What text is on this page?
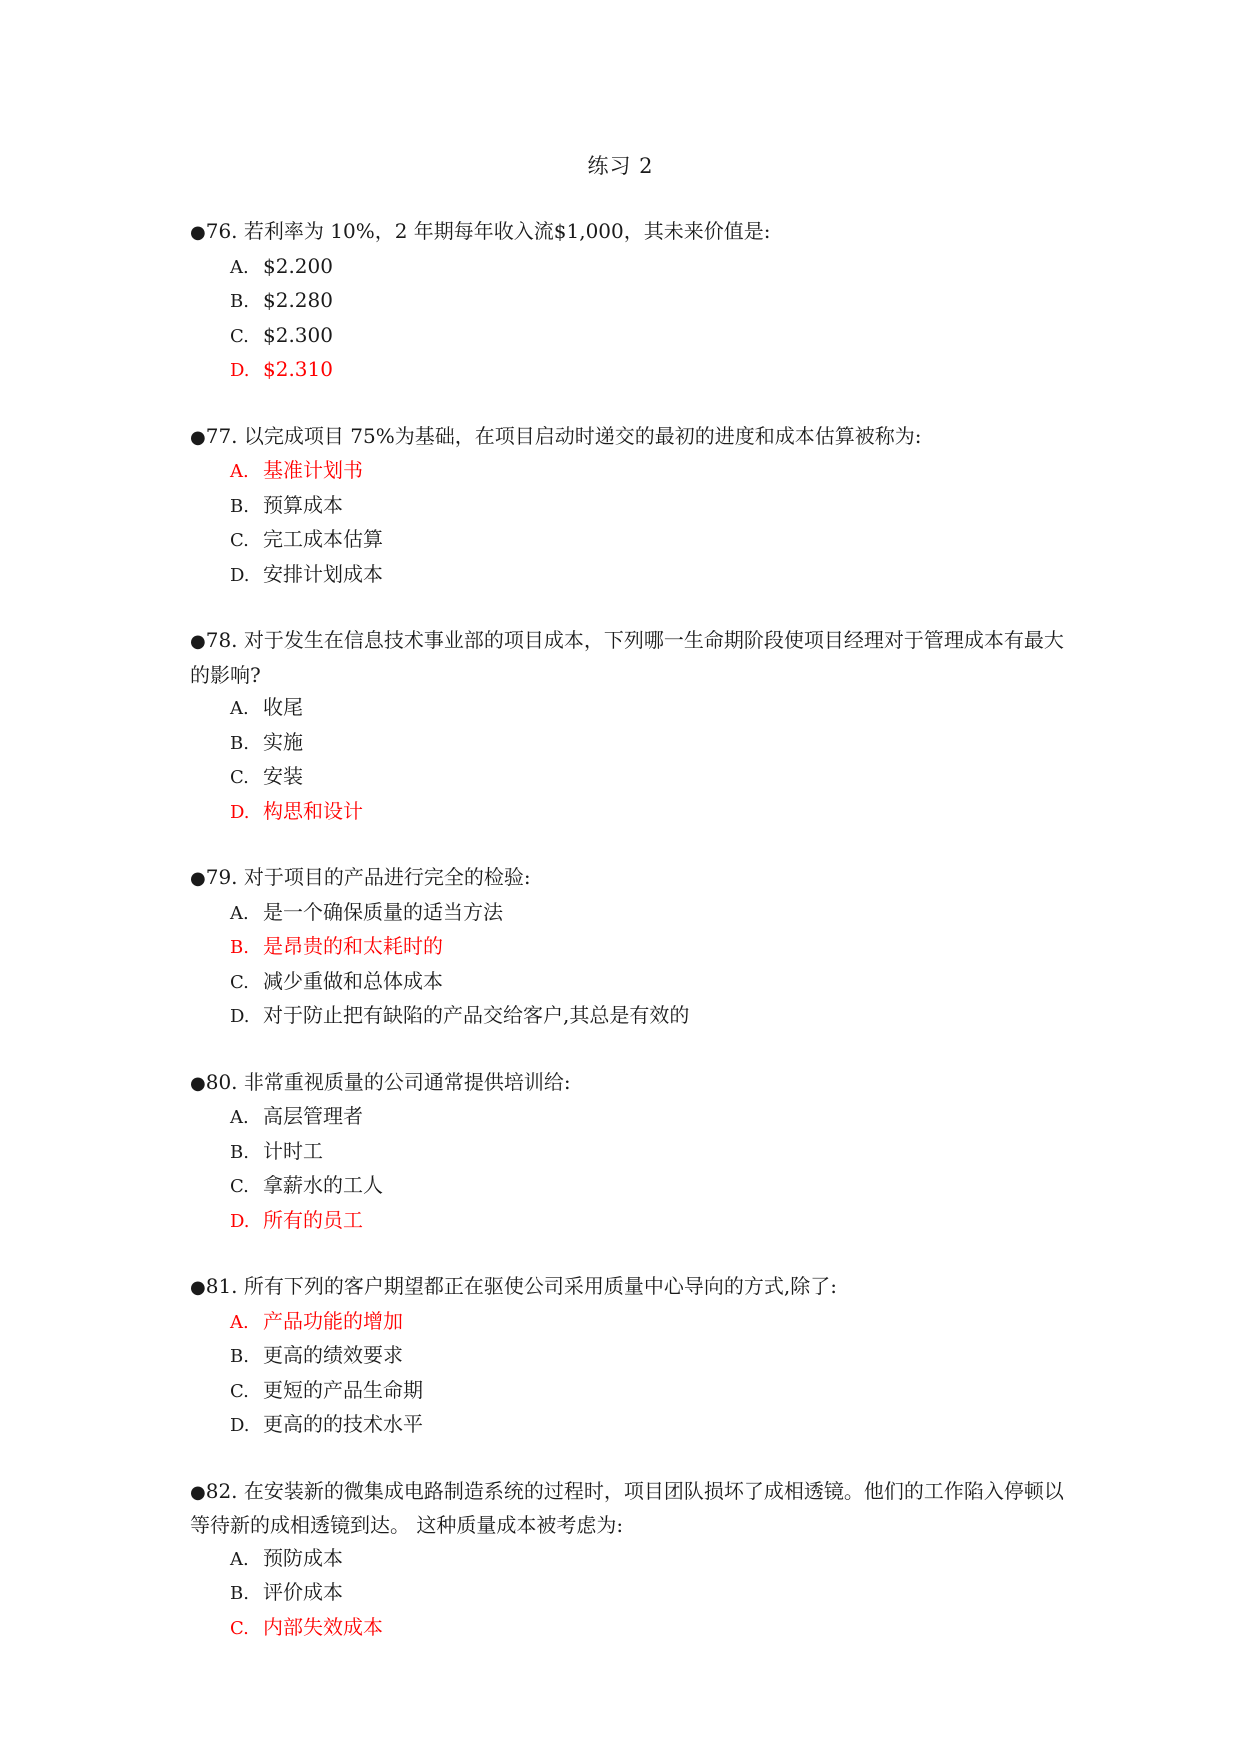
练习 2
●76. 若利率为 10%，2 年期每年收入流$1,000，其未来价值是:
A. $2.200
B. $2.280
C. $2.300
D. $2.310
●77. 以完成项目 75%为基础，在项目启动时递交的最初的进度和成本估算被称为:
A. 基准计划书
B. 预算成本
C. 完工成本估算
D. 安排计划成本
●78. 对于发生在信息技术事业部的项目成本，下列哪一生命期阶段使项目经理对于管理成本有最大的影响?
A. 收尾
B. 实施
C. 安装
D. 构思和设计
●79. 对于项目的产品进行完全的检验:
A. 是一个确保质量的适当方法
B. 是昂贵的和太耗时的
C. 减少重做和总体成本
D. 对于防止把有缺陷的产品交给客户,其总是有效的
●80. 非常重视质量的公司通常提供培训给:
A. 高层管理者
B. 计时工
C. 拿薪水的工人
D. 所有的员工
●81. 所有下列的客户期望都正在驱使公司采用质量中心导向的方式,除了:
A. 产品功能的增加
B. 更高的绩效要求
C. 更短的产品生命期
D. 更高的的技术水平
●82. 在安装新的微集成电路制造系统的过程时，项目团队损坏了成相透镜。他们的工作陷入停顿以等待新的成相透镜到达。 这种质量成本被考虑为:
A. 预防成本
B. 评价成本
C. 内部失效成本
